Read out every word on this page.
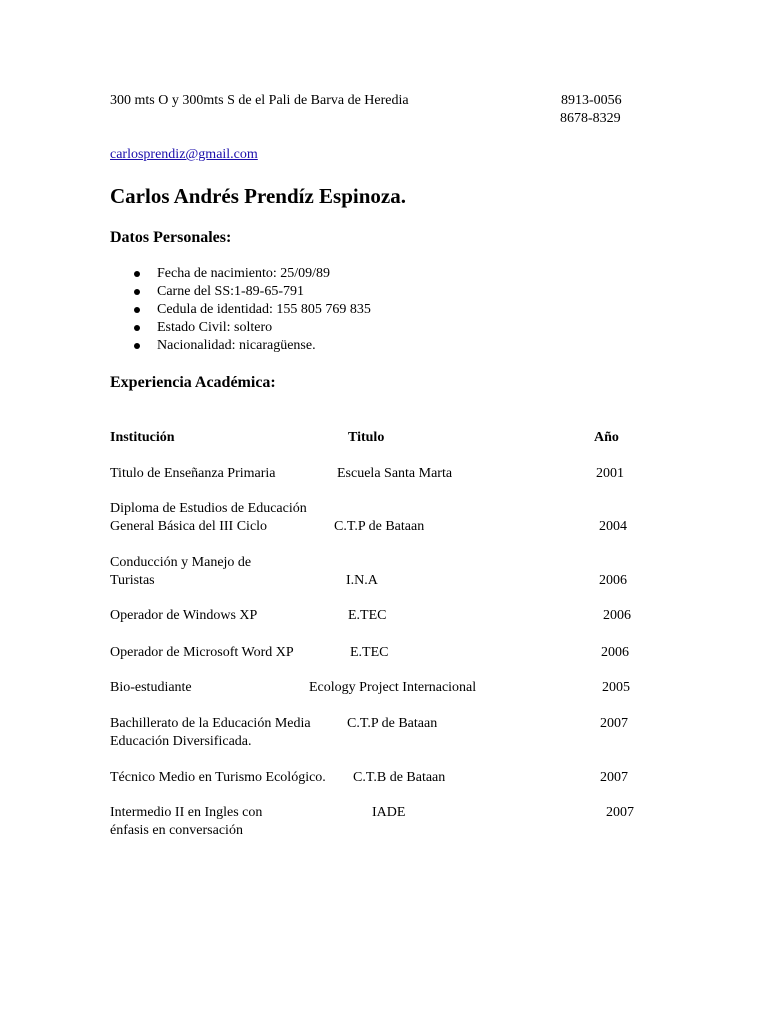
300 mts O y 300mts S de el Pali de Barva de Heredia	8913-0056
8678-8329
carlosprendiz@gmail.com
Carlos Andrés Prendíz Espinoza.
Datos Personales:
Fecha de nacimiento: 25/09/89
Carne del SS:1-89-65-791
Cedula de identidad: 155 805 769 835
Estado Civil: soltero
Nacionalidad: nicaragüense.
Experiencia Académica:
Institución	Titulo	Año
Titulo de Enseñanza Primaria	Escuela Santa Marta	2001
Diploma de Estudios de Educación
General Básica del III Ciclo	C.T.P de Bataan	2004
Conducción y Manejo de
Turistas	I.N.A	2006
Operador de Windows XP	E.TEC	2006
Operador de Microsoft Word XP	E.TEC	2006
Bio-estudiante	Ecology Project Internacional	2005
Bachillerato de la Educación Media
Educación Diversificada.
C.T.P de Bataan	2007
Técnico Medio en Turismo Ecológico. C.T.B de Bataan	2007
Intermedio II en Ingles con
énfasis en conversación
IADE	2007
